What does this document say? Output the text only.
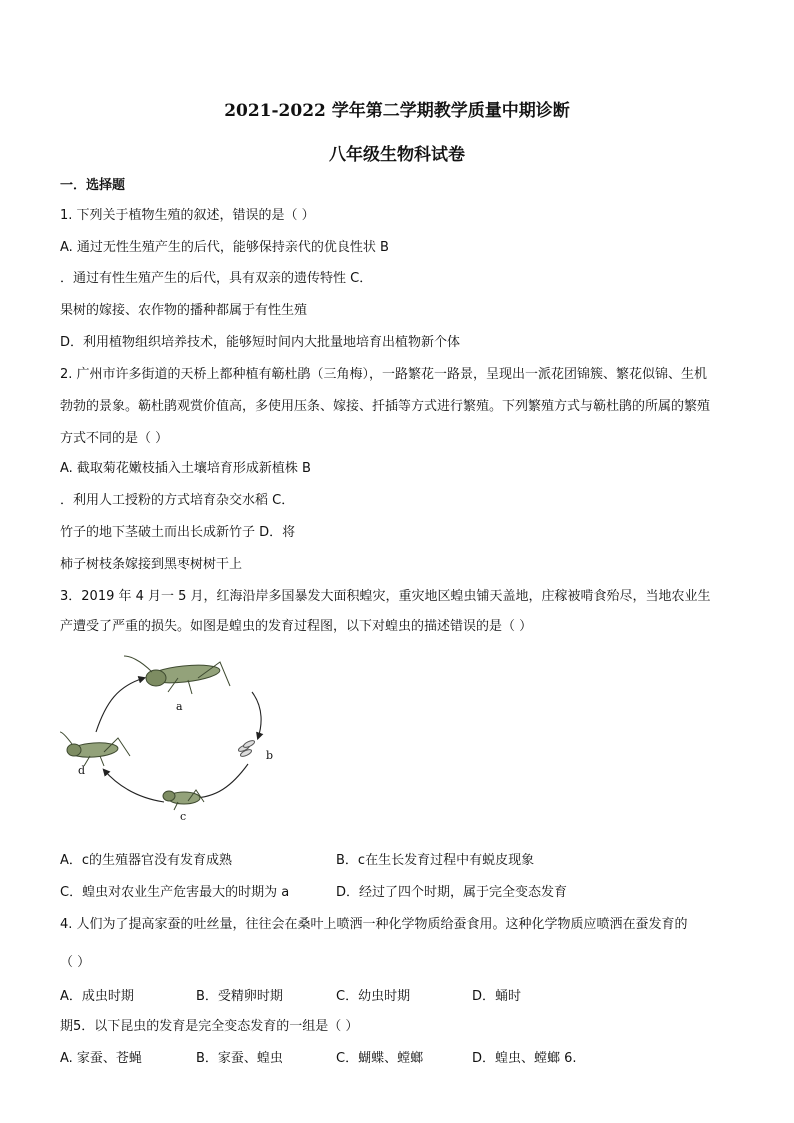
2021-2022 学年第二学期教学质量中期诊断
八年级生物科试卷
一．选择题
1. 下列关于植物生殖的叙述，错误的是（ ）
A. 通过无性生殖产生的后代，能够保持亲代的优良性状 B
．通过有性生殖产生的后代，具有双亲的遗传特性 C．
果树的嫁接、农作物的播种都属于有性生殖
D．利用植物组织培养技术，能够短时间内大批量地培育出植物新个体
2. 广州市许多街道的天桥上都种植有簕杜鹃（三角梅），一路繁花一路景，呈现出一派花团锦簇、繁花似锦、生机
勃勃的景象。簕杜鹃观赏价值高，多使用压条、嫁接、扦插等方式进行繁殖。下列繁殖方式与簕杜鹃的所属的繁殖
方式不同的是（ ）
A. 截取菊花嫩枝插入土壤培育形成新植株 B
．利用人工授粉的方式培育杂交水稻 C．
竹子的地下茎破土而出长成新竹子 D．将
柿子树枝条嫁接到黑枣树树干上
3．2019 年 4 月一 5 月，红海沿岸多国暴发大面积蝗灾，重灾地区蝗虫铺天盖地，庄稼被啃食殆尽，当地农业生
产遭受了严重的损失。如图是蝗虫的发育过程图，以下对蝗虫的描述错误的是（ ）
a
b
c
d
A．c的生殖器官没有发育成熟	B．c在生长发育过程中有蜕皮现象
C．蝗虫对农业生产危害最大的时期为 a	D．经过了四个时期，属于完全变态发育
4. 人们为了提高家蚕的吐丝量，往往会在桑叶上喷洒一种化学物质给蚕食用。这种化学物质应喷洒在蚕发育的
（ ）
A．成虫时期	B．受精卵时期	C．幼虫时期	D．蛹时
期5．以下昆虫的发育是完全变态发育的一组是（ ）
A. 家蚕、苍蝇	B．家蚕、蝗虫	C．蝴蝶、螳螂	D．蝗虫、螳螂 6.
